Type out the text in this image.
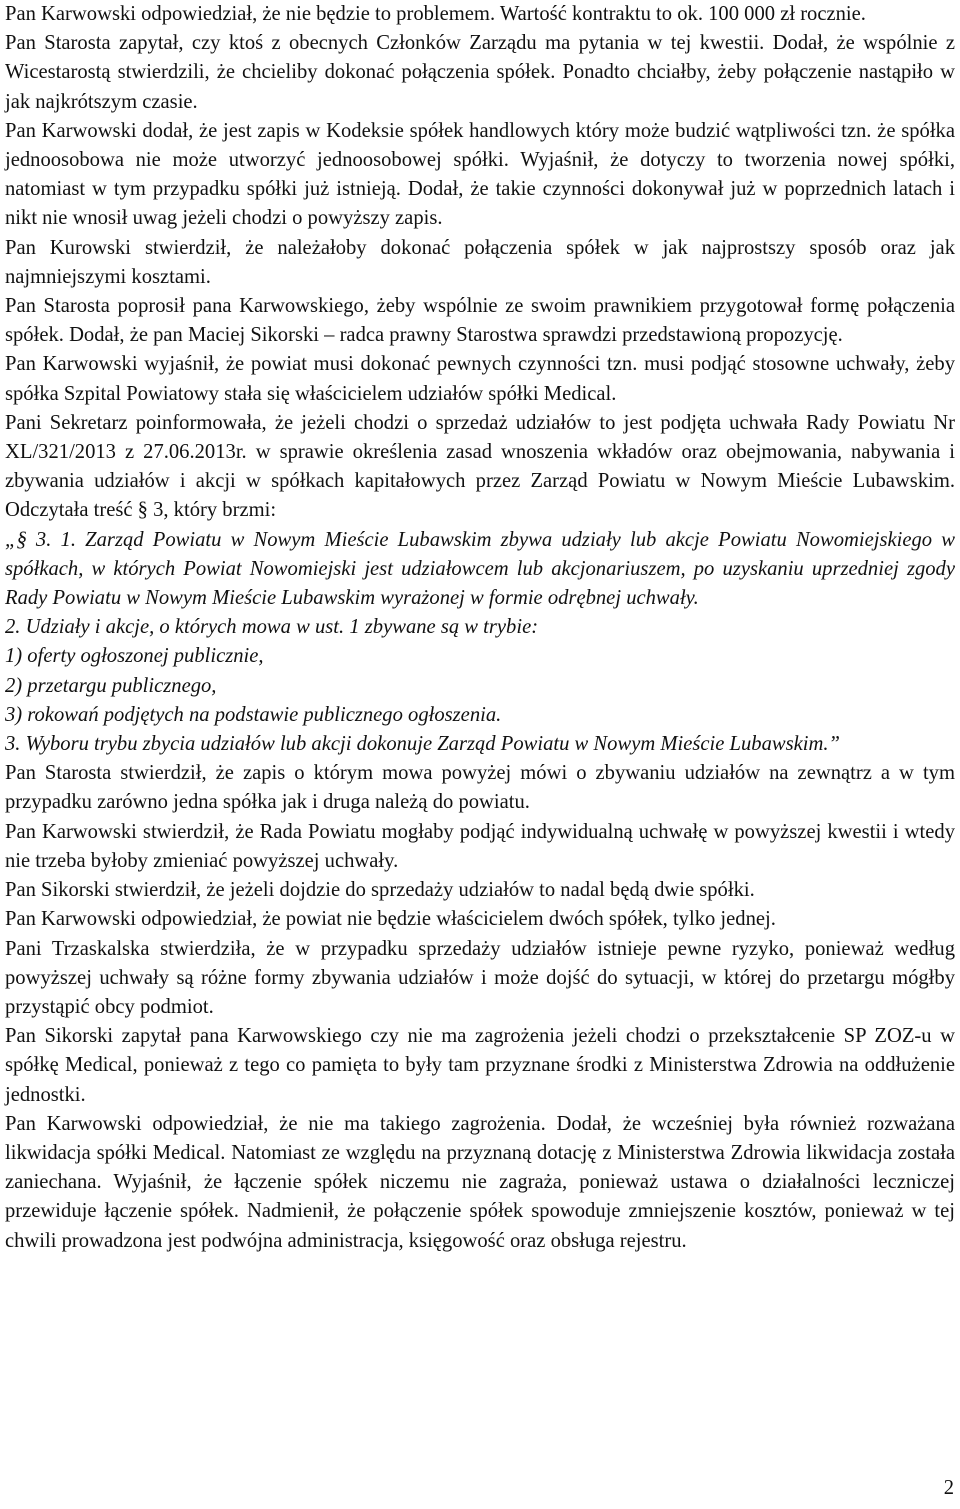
Pan Karwowski odpowiedział, że nie będzie to problemem. Wartość kontraktu to ok. 100 000 zł rocznie.

Pan Starosta zapytał, czy ktoś z obecnych Członków Zarządu ma pytania w tej kwestii. Dodał, że wspólnie z Wicestarostą stwierdzili, że chcieliby dokonać połączenia spółek. Ponadto chciałby, żeby połączenie nastąpiło w jak najkrótszym czasie.

Pan Karwowski dodał, że jest zapis w Kodeksie spółek handlowych który może budzić wątpliwości tzn. że spółka jednoosobowa nie może utworzyć jednoosobowej spółki. Wyjaśnił, że dotyczy to tworzenia nowej spółki, natomiast w tym przypadku spółki już istnieją. Dodał, że takie czynności dokonywał już w poprzednich latach i nikt nie wnosił uwag jeżeli chodzi o powyższy zapis.

Pan Kurowski stwierdził, że należałoby dokonać połączenia spółek w jak najprostszy sposób oraz jak najmniejszymi kosztami.

Pan Starosta poprosił pana Karwowskiego, żeby wspólnie ze swoim prawnikiem przygotował formę połączenia spółek. Dodał, że pan Maciej Sikorski – radca prawny Starostwa sprawdzi przedstawioną propozycję.

Pan Karwowski wyjaśnił, że powiat musi dokonać pewnych czynności tzn. musi podjąć stosowne uchwały, żeby spółka Szpital Powiatowy stała się właścicielem udziałów spółki Medical.

Pani Sekretarz poinformowała, że jeżeli chodzi o sprzedaż udziałów to jest podjęta uchwała Rady Powiatu Nr XL/321/2013 z 27.06.2013r. w sprawie określenia zasad wnoszenia wkładów oraz obejmowania, nabywania i zbywania udziałów i akcji w spółkach kapitałowych przez Zarząd Powiatu w Nowym Mieście Lubawskim. Odczytała treść § 3, który brzmi:

„§ 3. 1. Zarząd Powiatu w Nowym Mieście Lubawskim zbywa udziały lub akcje Powiatu Nowomiejskiego w spółkach, w których Powiat Nowomiejski jest udziałowcem lub akcjonariuszem, po uzyskaniu uprzedniej zgody Rady Powiatu w Nowym Mieście Lubawskim wyrażonej w formie odrębnej uchwały.

2. Udziały i akcje, o których mowa w ust. 1 zbywane są w trybie:

1) oferty ogłoszonej publicznie,

2) przetargu publicznego,

3) rokowań podjętych na podstawie publicznego ogłoszenia.

3. Wyboru trybu zbycia udziałów lub akcji dokonuje Zarząd Powiatu w Nowym Mieście Lubawskim.”

Pan Starosta stwierdził, że zapis o którym mowa powyżej mówi o zbywaniu udziałów na zewnątrz a w tym przypadku zarówno jedna spółka jak i druga należą do powiatu.

Pan Karwowski stwierdził, że Rada Powiatu mogłaby podjąć indywidualną uchwałę w powyższej kwestii i wtedy nie trzeba byłoby zmieniać powyższej uchwały.

Pan Sikorski stwierdził, że jeżeli dojdzie do sprzedaży udziałów to nadal będą dwie spółki.

Pan Karwowski odpowiedział, że powiat nie będzie właścicielem dwóch spółek, tylko jednej.

Pani Trzaskalska stwierdziła, że w przypadku sprzedaży udziałów istnieje pewne ryzyko, ponieważ według powyższej uchwały są różne formy zbywania udziałów i może dojść do sytuacji, w której do przetargu mógłby przystąpić obcy podmiot.

Pan Sikorski zapytał pana Karwowskiego czy nie ma zagrożenia jeżeli chodzi o przekształcenie SP ZOZ-u w spółkę Medical, ponieważ z tego co pamięta to były tam przyznane środki z Ministerstwa Zdrowia na oddłużenie jednostki.

Pan Karwowski odpowiedział, że nie ma takiego zagrożenia. Dodał, że wcześniej była również rozważana likwidacja spółki Medical. Natomiast ze względu na przyznaną dotację z Ministerstwa Zdrowia likwidacja została zaniechana. Wyjaśnił, że łączenie spółek niczemu nie zagraża, ponieważ ustawa o działalności leczniczej przewiduje łączenie spółek. Nadmienił, że połączenie spółek spowoduje zmniejszenie kosztów, ponieważ w tej chwili prowadzona jest podwójna administracja, księgowość oraz obsługa rejestru.

2
